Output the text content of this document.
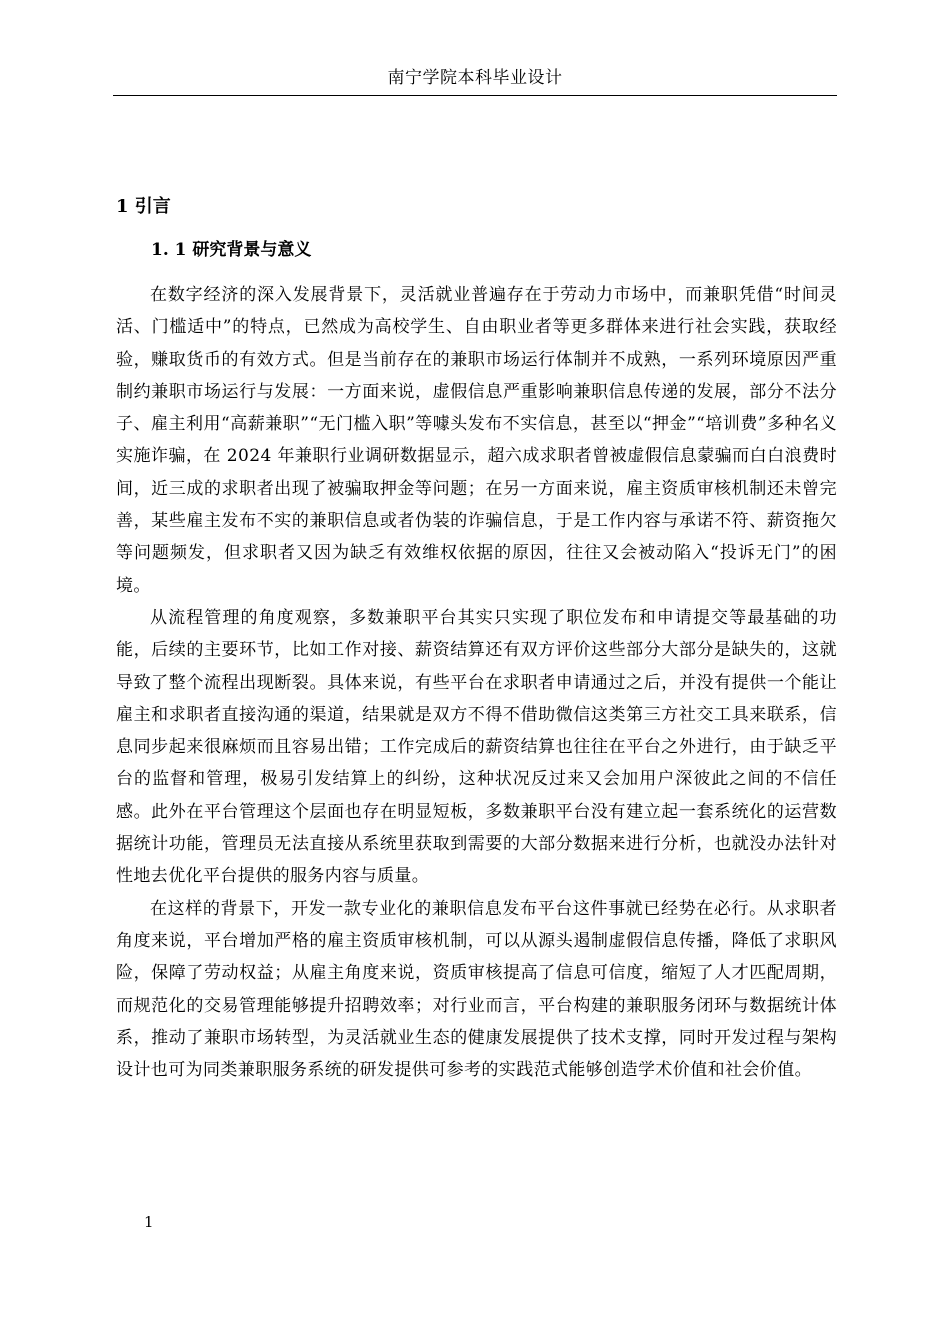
南宁学院本科毕业设计
1 引言
1. 1 研究背景与意义

在数字经济的深入发展背景下，灵活就业普遍存在于劳动力市场中，而兼职凭借“时间灵活、门槛适中”的特点，已然成为高校学生、自由职业者等更多群体来进行社会实践，获取经验，赚取货币的有效方式。但是当前存在的兼职市场运行体制并不成熟，一系列环境原因严重制约兼职市场运行与发展：一方面来说，虚假信息严重影响兼职信息传递的发展，部分不法分子、雇主利用“高薪兼职”“无门槛入职”等噱头发布不实信息，甚至以“押金”“培训费”多种名义实施诈骗，在 2024 年兼职行业调研数据显示，超六成求职者曾被虚假信息蒙骗而白白浪费时间，近三成的求职者出现了被骗取押金等问题；在另一方面来说，雇主资质审核机制还未曾完善，某些雇主发布不实的兼职信息或者伪装的诈骗信息，于是工作内容与承诺不符、薪资拖欠等问题频发，但求职者又因为缺乏有效维权依据的原因，往往又会被动陷入“投诉无门”的困境。

从流程管理的角度观察，多数兼职平台其实只实现了职位发布和申请提交等最基础的功能，后续的主要环节，比如工作对接、薪资结算还有双方评价这些部分大部分是缺失的，这就导致了整个流程出现断裂。具体来说，有些平台在求职者申请通过之后，并没有提供一个能让雇主和求职者直接沟通的渠道，结果就是双方不得不借助微信这类第三方社交工具来联系，信息同步起来很麻烦而且容易出错；工作完成后的薪资结算也往往在平台之外进行，由于缺乏平台的监督和管理，极易引发结算上的纠纷，这种状况反过来又会加用户深彼此之间的不信任感。此外在平台管理这个层面也存在明显短板，多数兼职平台没有建立起一套系统化的运营数据统计功能，管理员无法直接从系统里获取到需要的大部分数据来进行分析，也就没办法针对性地去优化平台提供的服务内容与质量。

在这样的背景下，开发一款专业化的兼职信息发布平台这件事就已经势在必行。从求职者角度来说，平台增加严格的雇主资质审核机制，可以从源头遏制虚假信息传播，降低了求职风险，保障了劳动权益；从雇主角度来说，资质审核提高了信息可信度，缩短了人才匹配周期，而规范化的交易管理能够提升招聘效率；对行业而言，平台构建的兼职服务闭环与数据统计体系，推动了兼职市场转型，为灵活就业生态的健康发展提供了技术支撑，同时开发过程与架构设计也可为同类兼职服务系统的研发提供可参考的实践范式能够创造学术价值和社会价值。

1
